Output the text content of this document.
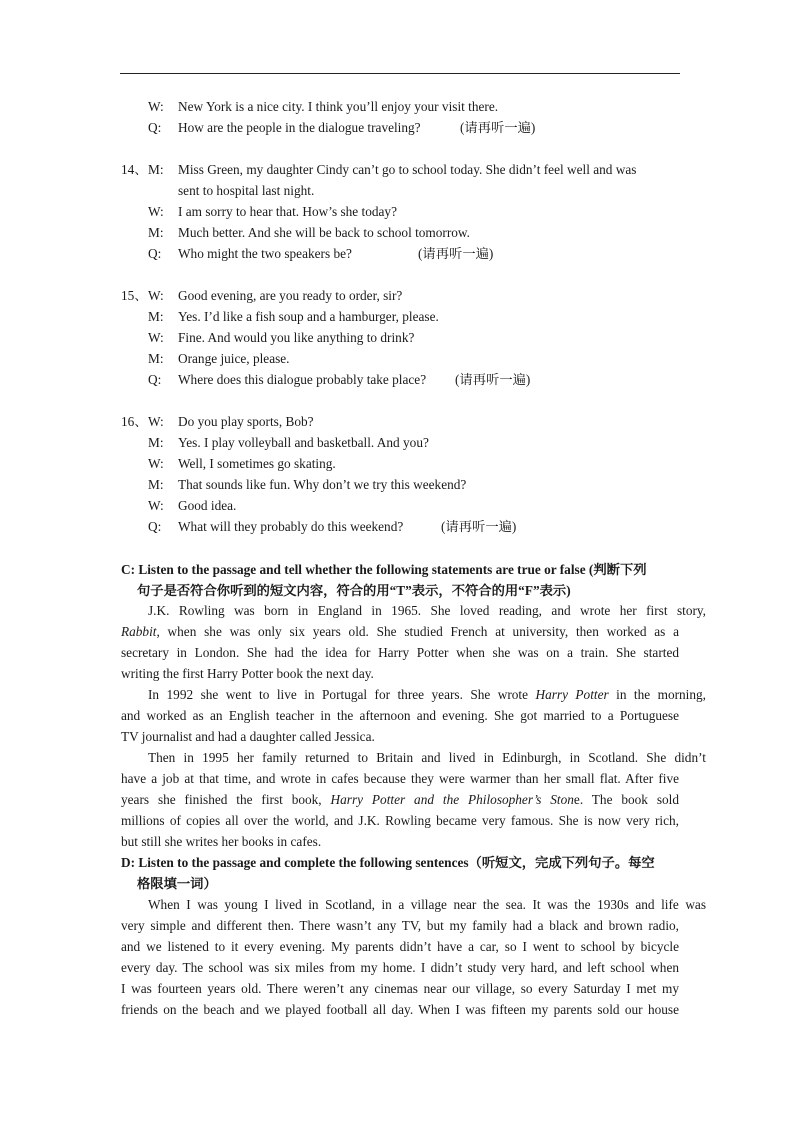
W:	New York is a nice city. I think you’ll enjoy your visit there.
Q:	How are the people in the dialogue traveling?	(请再听一遍)
14、 M:	Miss Green, my daughter Cindy can’t go to school today. She didn’t feel well and was
sent to hospital last night.
W:	I am sorry to hear that. How’s she today?
M:	Much better. And she will be back to school tomorrow.
Q:	Who might the two speakers be?	(请再听一遍)
15、 W:	Good evening, are you ready to order, sir?
M:	Yes. I’d like a fish soup and a hamburger, please.
W:	Fine. And would you like anything to drink?
M:	Orange juice, please.
Q:	Where does this dialogue probably take place? (请再听一遍)
16、 W:	Do you play sports, Bob?
M:	Yes. I play volleyball and basketball. And you?
W:	Well, I sometimes go skating.
M:	That sounds like fun. Why don’t we try this weekend?
W:	Good idea.
Q:	What will they probably do this weekend?	(请再听一遍)
C: Listen to the passage and tell whether the following statements are true or false (判断下列
句子是否符合你听到的短文内容，符合的用“T”表示，不符合的用“F”表示)
J.K. Rowling was born in England in 1965. She loved reading, and wrote her first story,
Rabbit, when she was only six years old. She studied French at university, then worked as a
secretary in London. She had the idea for Harry Potter when she was on a train. She started
writing the first Harry Potter book the next day.
In 1992 she went to live in Portugal for three years. She wrote Harry Potter in the morning,
and worked as an English teacher in the afternoon and evening. She got married to a Portuguese
TV journalist and had a daughter called Jessica.
Then in 1995 her family returned to Britain and lived in Edinburgh, in Scotland. She didn’t
have a job at that time, and wrote in cafes because they were warmer than her small flat. After five
years she finished the first book, Harry Potter and the Philosopher’s Stone. The book sold
millions of copies all over the world, and J.K. Rowling became very famous. She is now very rich,
but still she writes her books in cafes.
D: Listen to the passage and complete the following sentences（听短文，完成下列句子。每空
格限填一词）
When I was young I lived in Scotland, in a village near the sea. It was the 1930s and life was
very simple and different then. There wasn’t any TV, but my family had a black and brown radio,
and we listened to it every evening. My parents didn’t have a car, so I went to school by bicycle
every day. The school was six miles from my home. I didn’t study very hard, and left school when
I was fourteen years old. There weren’t any cinemas near our village, so every Saturday I met my
friends on the beach and we played football all day. When I was fifteen my parents sold our house
